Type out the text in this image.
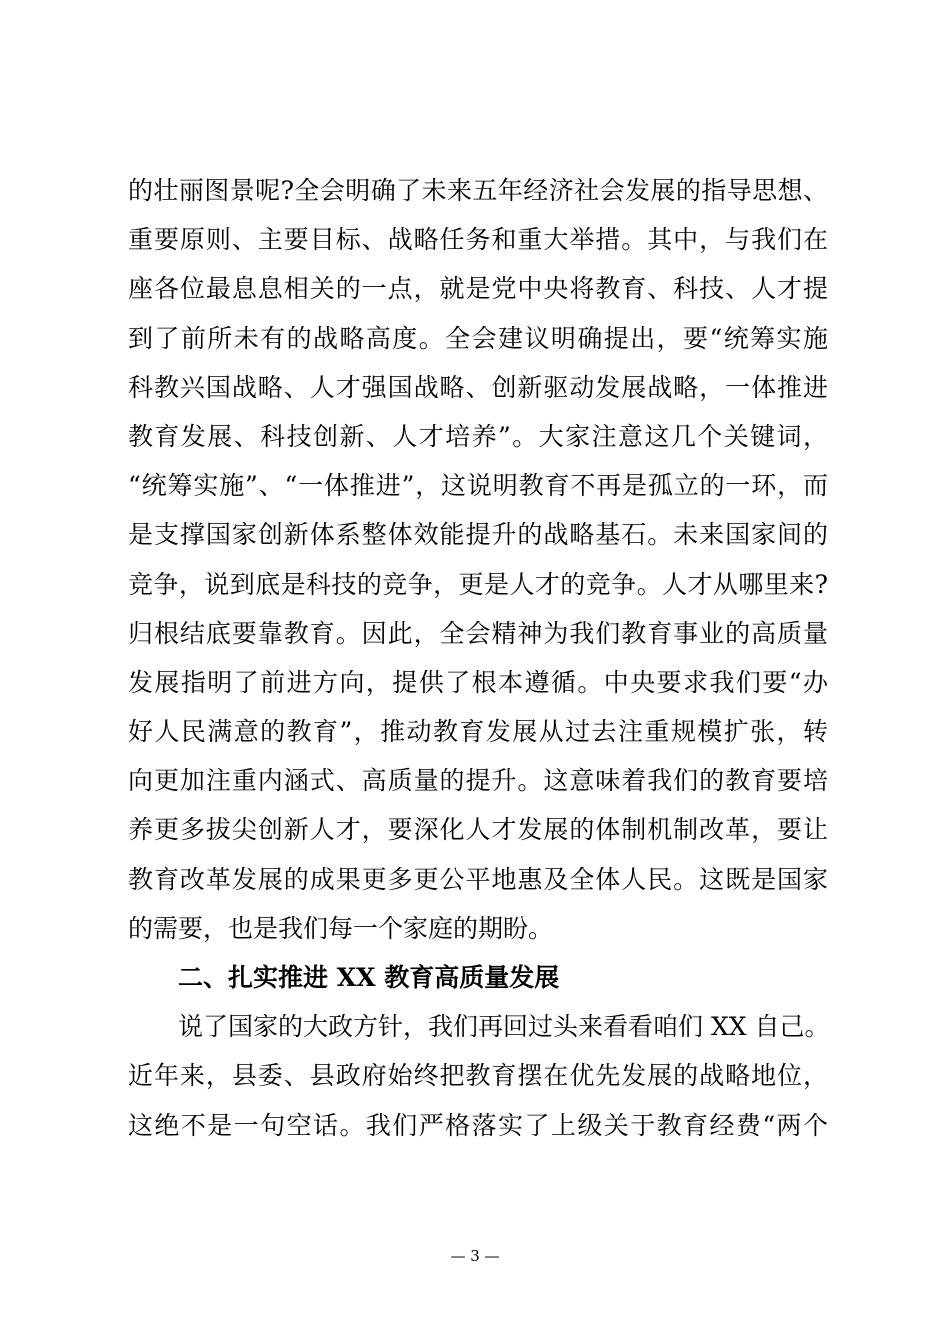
的壮丽图景呢?全会明确了未来五年经济社会发展的指导思想、
重要原则、主要目标、战略任务和重大举措。其中，与我们在
座各位最息息相关的一点，就是党中央将教育、科技、人才提
到了前所未有的战略高度。全会建议明确提出，要“统筹实施
科教兴国战略、人才强国战略、创新驱动发展战略，一体推进
教育发展、科技创新、人才培养”。大家注意这几个关键词，
“统筹实施”、“一体推进”，这说明教育不再是孤立的一环，而
是支撑国家创新体系整体效能提升的战略基石。未来国家间的
竞争，说到底是科技的竞争，更是人才的竞争。人才从哪里来?
归根结底要靠教育。因此，全会精神为我们教育事业的高质量
发展指明了前进方向，提供了根本遵循。中央要求我们要“办
好人民满意的教育”，推动教育发展从过去注重规模扩张，转
向更加注重内涵式、高质量的提升。这意味着我们的教育要培
养更多拔尖创新人才，要深化人才发展的体制机制改革，要让
教育改革发展的成果更多更公平地惠及全体人民。这既是国家
的需要，也是我们每一个家庭的期盼。
二、扎实推进 XX 教育高质量发展
说了国家的大政方针，我们再回过头来看看咱们 XX 自己。
近年来，县委、县政府始终把教育摆在优先发展的战略地位，
这绝不是一句空话。我们严格落实了上级关于教育经费“两个
— 3 —
